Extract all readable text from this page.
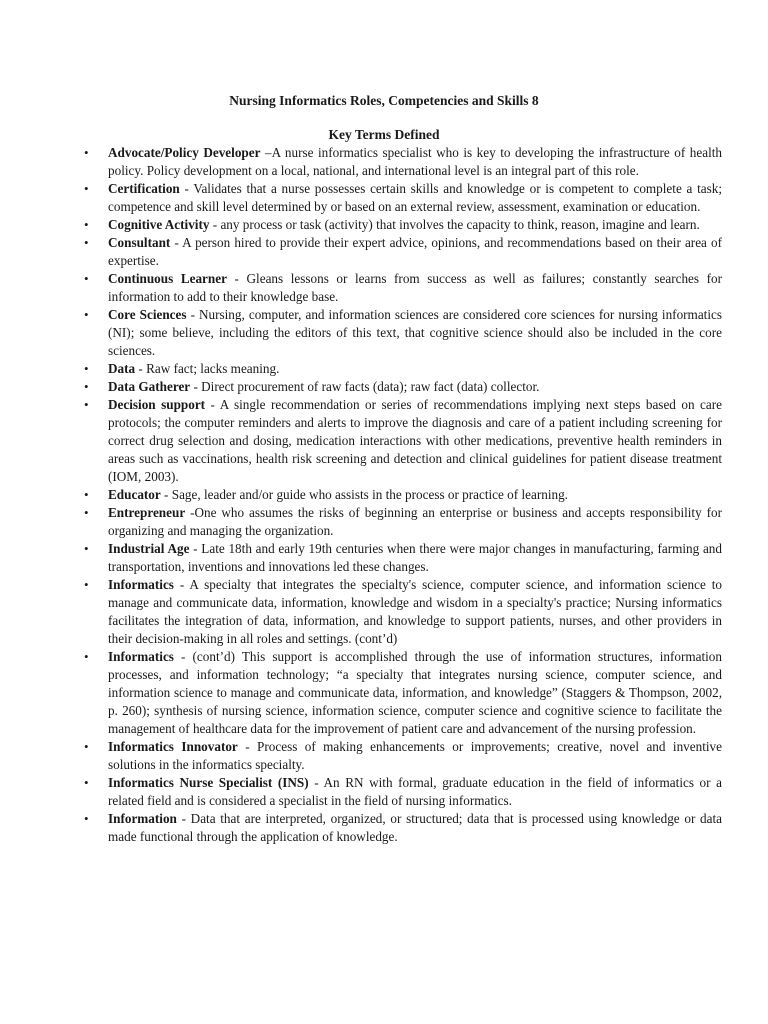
Nursing Informatics Roles, Competencies and Skills 8
Key Terms Defined
•	Advocate/Policy Developer –A nurse informatics specialist who is key to developing the infrastructure of health policy. Policy development on a local, national, and international level is an integral part of this role.
•	Certification - Validates that a nurse possesses certain skills and knowledge or is competent to complete a task; competence and skill level determined by or based on an external review, assessment, examination or education.
•	Cognitive Activity - any process or task (activity) that involves the capacity to think, reason, imagine and learn.
•	Consultant - A person hired to provide their expert advice, opinions, and recommendations based on their area of expertise.
•	Continuous Learner - Gleans lessons or learns from success as well as failures; constantly searches for information to add to their knowledge base.
•	Core Sciences - Nursing, computer, and information sciences are considered core sciences for nursing informatics (NI); some believe, including the editors of this text, that cognitive science should also be included in the core sciences.
•	Data - Raw fact; lacks meaning.
•	Data Gatherer - Direct procurement of raw facts (data); raw fact (data) collector.
•	Decision support - A single recommendation or series of recommendations implying next steps based on care protocols; the computer reminders and alerts to improve the diagnosis and care of a patient including screening for correct drug selection and dosing, medication interactions with other medications, preventive health reminders in areas such as vaccinations, health risk screening and detection and clinical guidelines for patient disease treatment (IOM, 2003).
•	Educator - Sage, leader and/or guide who assists in the process or practice of learning.
•	Entrepreneur -One who assumes the risks of beginning an enterprise or business and accepts responsibility for organizing and managing the organization.
•	Industrial Age - Late 18th and early 19th centuries when there were major changes in manufacturing, farming and transportation, inventions and innovations led these changes.
•	Informatics - A specialty that integrates the specialty's science, computer science, and information science to manage and communicate data, information, knowledge and wisdom in a specialty's practice; Nursing informatics facilitates the integration of data, information, and knowledge to support patients, nurses, and other providers in their decision-making in all roles and settings. (cont’d)
•	Informatics - (cont’d) This support is accomplished through the use of information structures, information processes, and information technology; “a specialty that integrates nursing science, computer science, and information science to manage and communicate data, information, and knowledge” (Staggers & Thompson, 2002, p. 260); synthesis of nursing science, information science, computer science and cognitive science to facilitate the management of healthcare data for the improvement of patient care and advancement of the nursing profession.
•	Informatics Innovator - Process of making enhancements or improvements; creative, novel and inventive solutions in the informatics specialty.
•	Informatics Nurse Specialist (INS) - An RN with formal, graduate education in the field of informatics or a related field and is considered a specialist in the field of nursing informatics.
•	Information - Data that are interpreted, organized, or structured; data that is processed using knowledge or data made functional through the application of knowledge.
